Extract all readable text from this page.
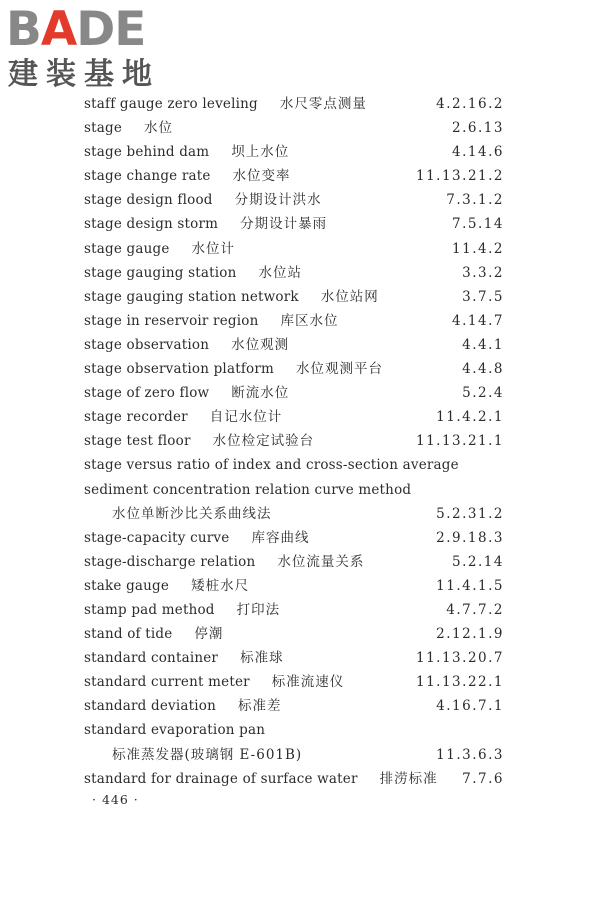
BADE
建装基地
staff gauge zero leveling 水尺零点测量	4.2.16.2
stage 水位	2.6.13
stage behind dam 坝上水位	4.14.6
stage change rate 水位变率	11.13.21.2
stage design flood 分期设计洪水	7.3.1.2
stage design storm 分期设计暴雨	7.5.14
stage gauge 水位计	11.4.2
stage gauging station 水位站	3.3.2
stage gauging station network 水位站网	3.7.5
stage in reservoir region 库区水位	4.14.7
stage observation 水位观测	4.4.1
stage observation platform 水位观测平台	4.4.8
stage of zero flow 断流水位	5.2.4
stage recorder 自记水位计	11.4.2.1
stage test floor 水位检定试验台	11.13.21.1
stage versus ratio of index and cross-section average
sediment concentration relation curve method
水位单断沙比关系曲线法	5.2.31.2
stage-capacity curve 库容曲线	2.9.18.3
stage-discharge relation 水位流量关系	5.2.14
stake gauge 矮桩水尺	11.4.1.5
stamp pad method 打印法	4.7.7.2
stand of tide 停潮	2.12.1.9
standard container 标准球	11.13.20.7
standard current meter 标准流速仪	11.13.22.1
standard deviation 标准差	4.16.7.1
standard evaporation pan
标准蒸发器(玻璃钢 E-601B)	11.3.6.3
standard for drainage of surface water 排涝标准 7.7.6
· 446 ·
